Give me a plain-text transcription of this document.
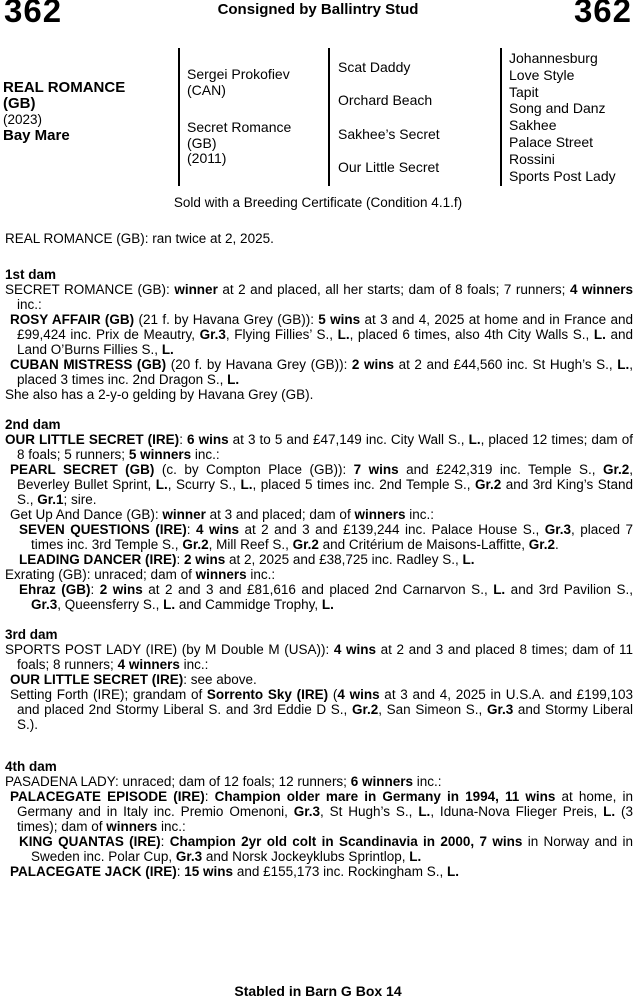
362	Consigned by Ballintry Stud	362
REAL ROMANCE
(GB)
(2023)
Bay Mare
Sergei Prokofiev
(CAN)
Secret Romance
(GB)
(2011)
Scat Daddy
Orchard Beach
Sakhee’s Secret
Our Little Secret
Johannesburg
Love Style
Tapit
Song and Danz
Sakhee
Palace Street
Rossini
Sports Post Lady
Sold with a Breeding Certificate (Condition 4.1.f)
REAL ROMANCE (GB): ran twice at 2, 2025.
1st dam

SECRET ROMANCE (GB): winner at 2 and placed, all her starts; dam of 8 foals; 7 runners; 4 winners inc.:

ROSY AFFAIR (GB) (21 f. by Havana Grey (GB)): 5 wins at 3 and 4, 2025 at home and in France and £99,424 inc. Prix de Meautry, Gr.3, Flying Fillies’ S., L., placed 6 times, also 4th City Walls S., L. and Land O’Burns Fillies S., L.

CUBAN MISTRESS (GB) (20 f. by Havana Grey (GB)): 2 wins at 2 and £44,560 inc. St Hugh’s S., L., placed 3 times inc. 2nd Dragon S., L.

She also has a 2-y-o gelding by Havana Grey (GB).

2nd dam

OUR LITTLE SECRET (IRE): 6 wins at 3 to 5 and £47,149 inc. City Wall S., L., placed 12 times; dam of 8 foals; 5 runners; 5 winners inc.:

PEARL SECRET (GB) (c. by Compton Place (GB)): 7 wins and £242,319 inc. Temple S., Gr.2, Beverley Bullet Sprint, L., Scurry S., L., placed 5 times inc. 2nd Temple S., Gr.2 and 3rd King’s Stand S., Gr.1; sire.

Get Up And Dance (GB): winner at 3 and placed; dam of winners inc.:

SEVEN QUESTIONS (IRE): 4 wins at 2 and 3 and £139,244 inc. Palace House S., Gr.3, placed 7 times inc. 3rd Temple S., Gr.2, Mill Reef S., Gr.2 and Critérium de Maisons-Laffitte, Gr.2.

LEADING DANCER (IRE): 2 wins at 2, 2025 and £38,725 inc. Radley S., L.

Exrating (GB): unraced; dam of winners inc.:

Ehraz (GB): 2 wins at 2 and 3 and £81,616 and placed 2nd Carnarvon S., L. and 3rd Pavilion S., Gr.3, Queensferry S., L. and Cammidge Trophy, L.

3rd dam

SPORTS POST LADY (IRE) (by M Double M (USA)): 4 wins at 2 and 3 and placed 8 times; dam of 11 foals; 8 runners; 4 winners inc.:

OUR LITTLE SECRET (IRE): see above.

Setting Forth (IRE); grandam of Sorrento Sky (IRE) (4 wins at 3 and 4, 2025 in U.S.A. and £199,103 and placed 2nd Stormy Liberal S. and 3rd Eddie D S., Gr.2, San Simeon S., Gr.3 and Stormy Liberal S.).

4th dam

PASADENA LADY: unraced; dam of 12 foals; 12 runners; 6 winners inc.:

PALACEGATE EPISODE (IRE): Champion older mare in Germany in 1994, 11 wins at home, in Germany and in Italy inc. Premio Omenoni, Gr.3, St Hugh’s S., L., Iduna-Nova Flieger Preis, L. (3 times); dam of winners inc.:

KING QUANTAS (IRE): Champion 2yr old colt in Scandinavia in 2000, 7 wins in Norway and in Sweden inc. Polar Cup, Gr.3 and Norsk Jockeyklubs Sprintlop, L.

PALACEGATE JACK (IRE): 15 wins and £155,173 inc. Rockingham S., L.

Stabled in Barn G Box 14
